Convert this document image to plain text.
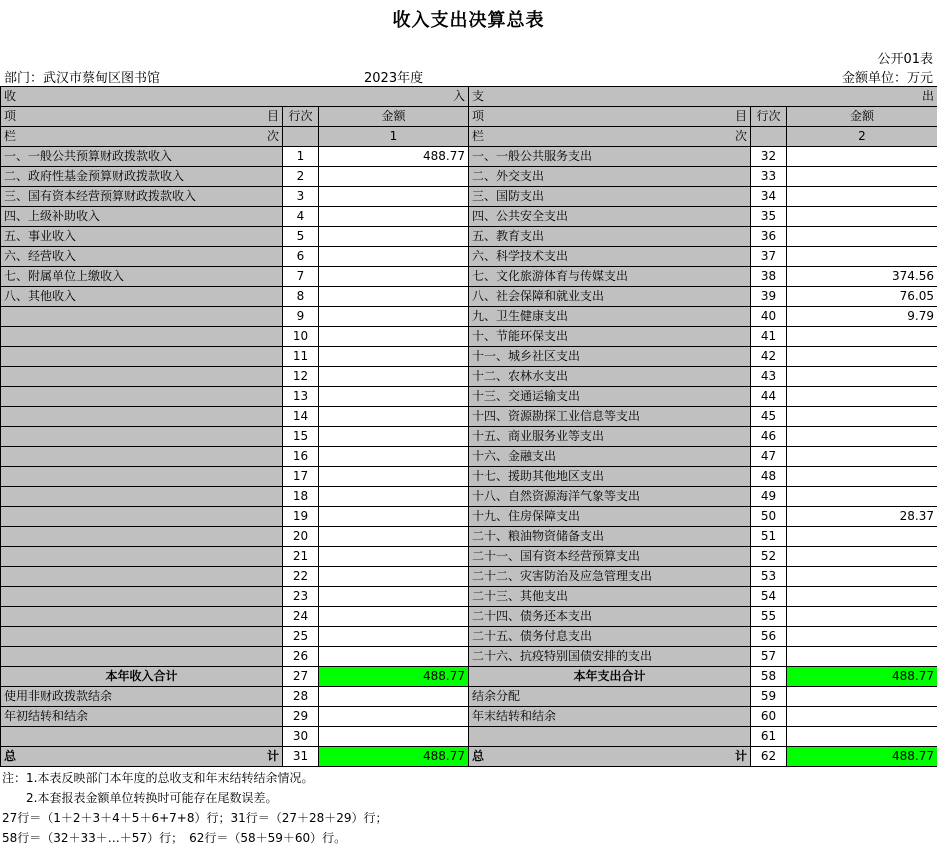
收入支出决算总表
公开01表
部门：武汉市蔡甸区图书馆	2023年度	金额单位：万元
收 入			支 出		

项 目	行次	金额	项 目	行次	金额

栏 次		1	栏 次		2
一、一般公共预算财政拨款收入	1	488.77	一、一般公共服务支出	32	
二、政府性基金预算财政拨款收入	2		二、外交支出	33	
三、国有资本经营预算财政拨款收入	3		三、国防支出	34	
四、上级补助收入	4		四、公共安全支出	35	
五、事业收入	5		五、教育支出	36	
六、经营收入	6		六、科学技术支出	37	
七、附属单位上缴收入	7		七、文化旅游体育与传媒支出	38	374.56
八、其他收入	8		八、社会保障和就业支出	39	76.05
	9		九、卫生健康支出	40	9.79
	10		十、节能环保支出	41	
	11		十一、城乡社区支出	42	
	12		十二、农林水支出	43	
	13		十三、交通运输支出	44	
	14		十四、资源勘探工业信息等支出	45	
	15		十五、商业服务业等支出	46	
	16		十六、金融支出	47	
	17		十七、援助其他地区支出	48	
	18		十八、自然资源海洋气象等支出	49	
	19		十九、住房保障支出	50	28.37
	20		二十、粮油物资储备支出	51	
	21		二十一、国有资本经营预算支出	52	
	22		二十二、灾害防治及应急管理支出	53	
	23		二十三、其他支出	54	
	24		二十四、债务还本支出	55	
	25		二十五、债务付息支出	56	
	26		二十六、抗疫特别国债安排的支出	57	
本年收入合计	27	488.77	本年支出合计	58	488.77
使用非财政拨款结余	28		结余分配	59	
年初结转和结余	29		年末结转和结余	60	
	30			61	

总 计	31	488.77	总 计	62	488.77
注：1.本表反映部门本年度的总收支和年末结转结余情况。
　　2.本套报表金额单位转换时可能存在尾数误差。
27行＝（1＋2＋3＋4＋5＋6+7+8）行；31行＝（27＋28＋29）行；
58行＝（32＋33＋…＋57）行；　62行＝（58＋59＋60）行。
